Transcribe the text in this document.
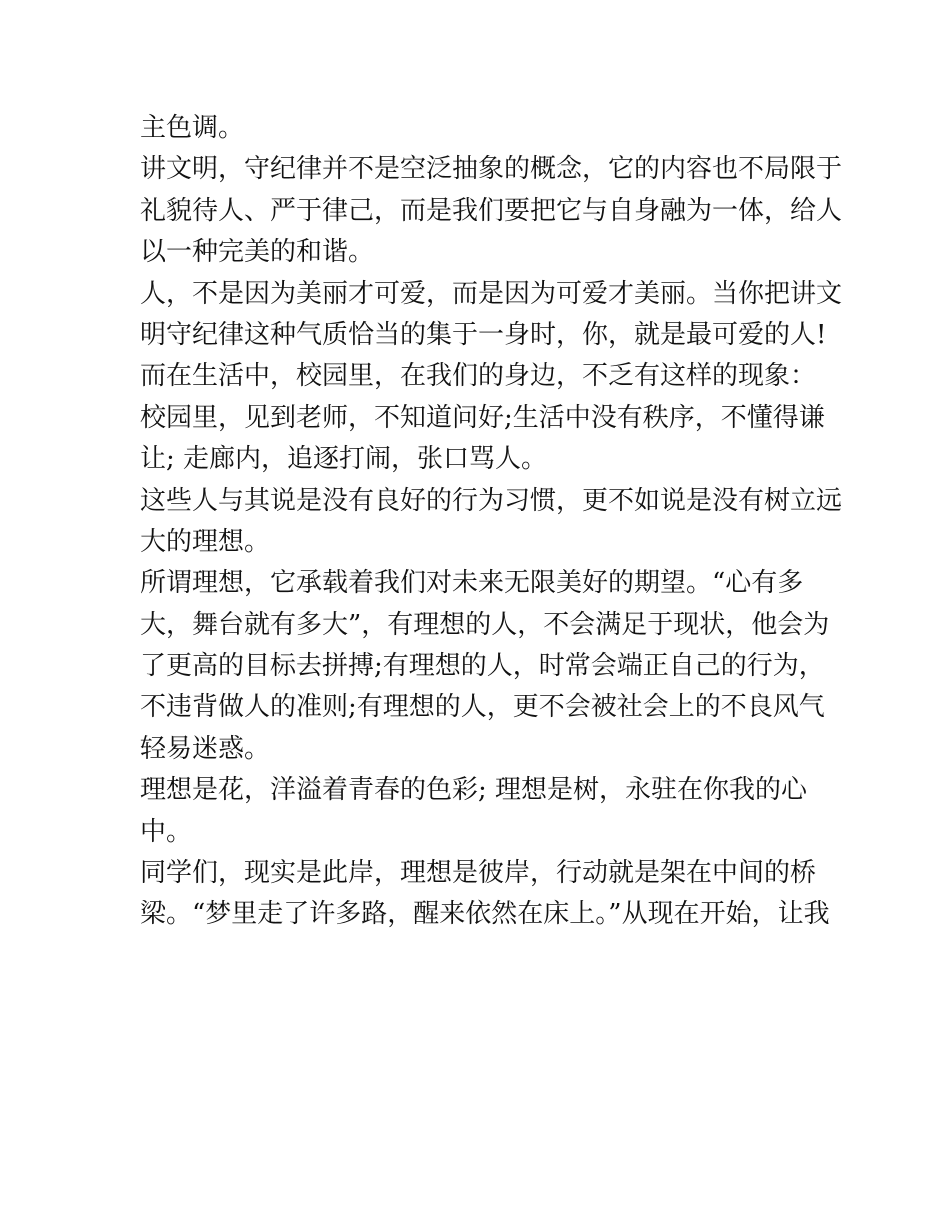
主色调。
讲文明，守纪律并不是空泛抽象的概念，它的内容也不局限于
礼貌待人、严于律己，而是我们要把它与自身融为一体，给人
以一种完美的和谐。
人，不是因为美丽才可爱，而是因为可爱才美丽。当你把讲文
明守纪律这种气质恰当的集于一身时，你，就是最可爱的人!
而在生活中，校园里，在我们的身边，不乏有这样的现象：
校园里，见到老师，不知道问好;生活中没有秩序，不懂得谦
让; 走廊内，追逐打闹，张口骂人。
这些人与其说是没有良好的行为习惯，更不如说是没有树立远
大的理想。
所谓理想，它承载着我们对未来无限美好的期望。“心有多
大，舞台就有多大”，有理想的人，不会满足于现状，他会为
了更高的目标去拼搏;有理想的人，时常会端正自己的行为，
不违背做人的准则;有理想的人，更不会被社会上的不良风气
轻易迷惑。
理想是花，洋溢着青春的色彩; 理想是树，永驻在你我的心
中。
同学们，现实是此岸，理想是彼岸，行动就是架在中间的桥
梁。“梦里走了许多路，醒来依然在床上。”从现在开始，让我
